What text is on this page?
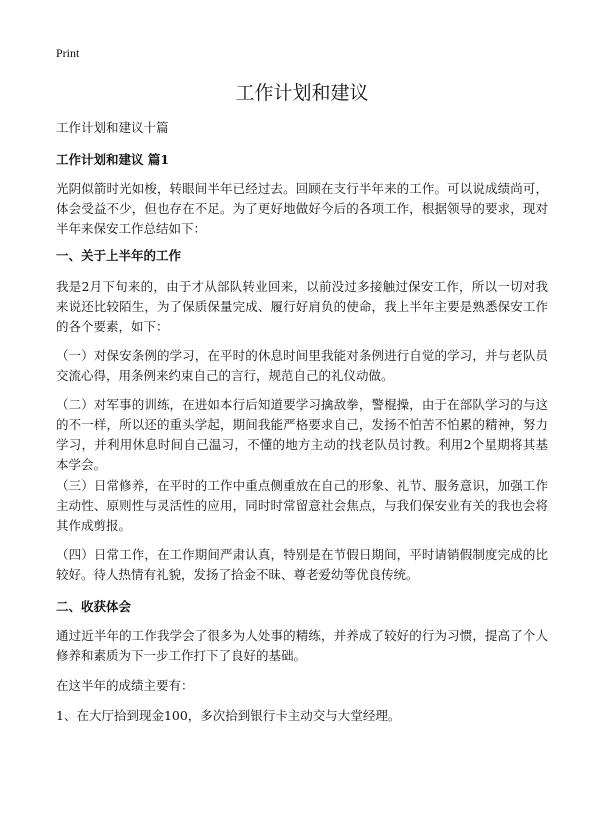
Print
工作计划和建议
工作计划和建议十篇
工作计划和建议 篇1
光阴似箭时光如梭，转眼间半年已经过去。回顾在支行半年来的工作。可以说成绩尚可，体会受益不少，但也存在不足。为了更好地做好今后的各项工作，根据领导的要求，现对半年来保安工作总结如下：
一、关于上半年的工作
我是2月下旬来的，由于才从部队转业回来，以前没过多接触过保安工作，所以一切对我来说还比较陌生，为了保质保量完成、履行好肩负的使命，我上半年主要是熟悉保安工作的各个要素，如下：
（一）对保安条例的学习，在平时的休息时间里我能对条例进行自觉的学习，并与老队员交流心得，用条例来约束自己的言行，规范自己的礼仪动做。
（二）对军事的训练，在进如本行后知道要学习擒敌拳，警棍操，由于在部队学习的与这的不一样，所以还的重头学起，期间我能严格要求自己，发扬不怕苦不怕累的精神，努力学习，并利用休息时间自己温习，不懂的地方主动的找老队员讨教。利用2个星期将其基本学会。
（三）日常修养，在平时的工作中重点侧重放在自己的形象、礼节、服务意识，加强工作主动性、原则性与灵活性的应用，同时时常留意社会焦点，与我们保安业有关的我也会将其作成剪报。
（四）日常工作，在工作期间严肃认真，特别是在节假日期间，平时请销假制度完成的比较好。待人热情有礼貌，发扬了拾金不昧、尊老爱幼等优良传统。
二、收获体会
通过近半年的工作我学会了很多为人处事的精练，并养成了较好的行为习惯，提高了个人修养和素质为下一步工作打下了良好的基础。
在这半年的成绩主要有：
1、在大厅拾到现金100，多次拾到银行卡主动交与大堂经理。
